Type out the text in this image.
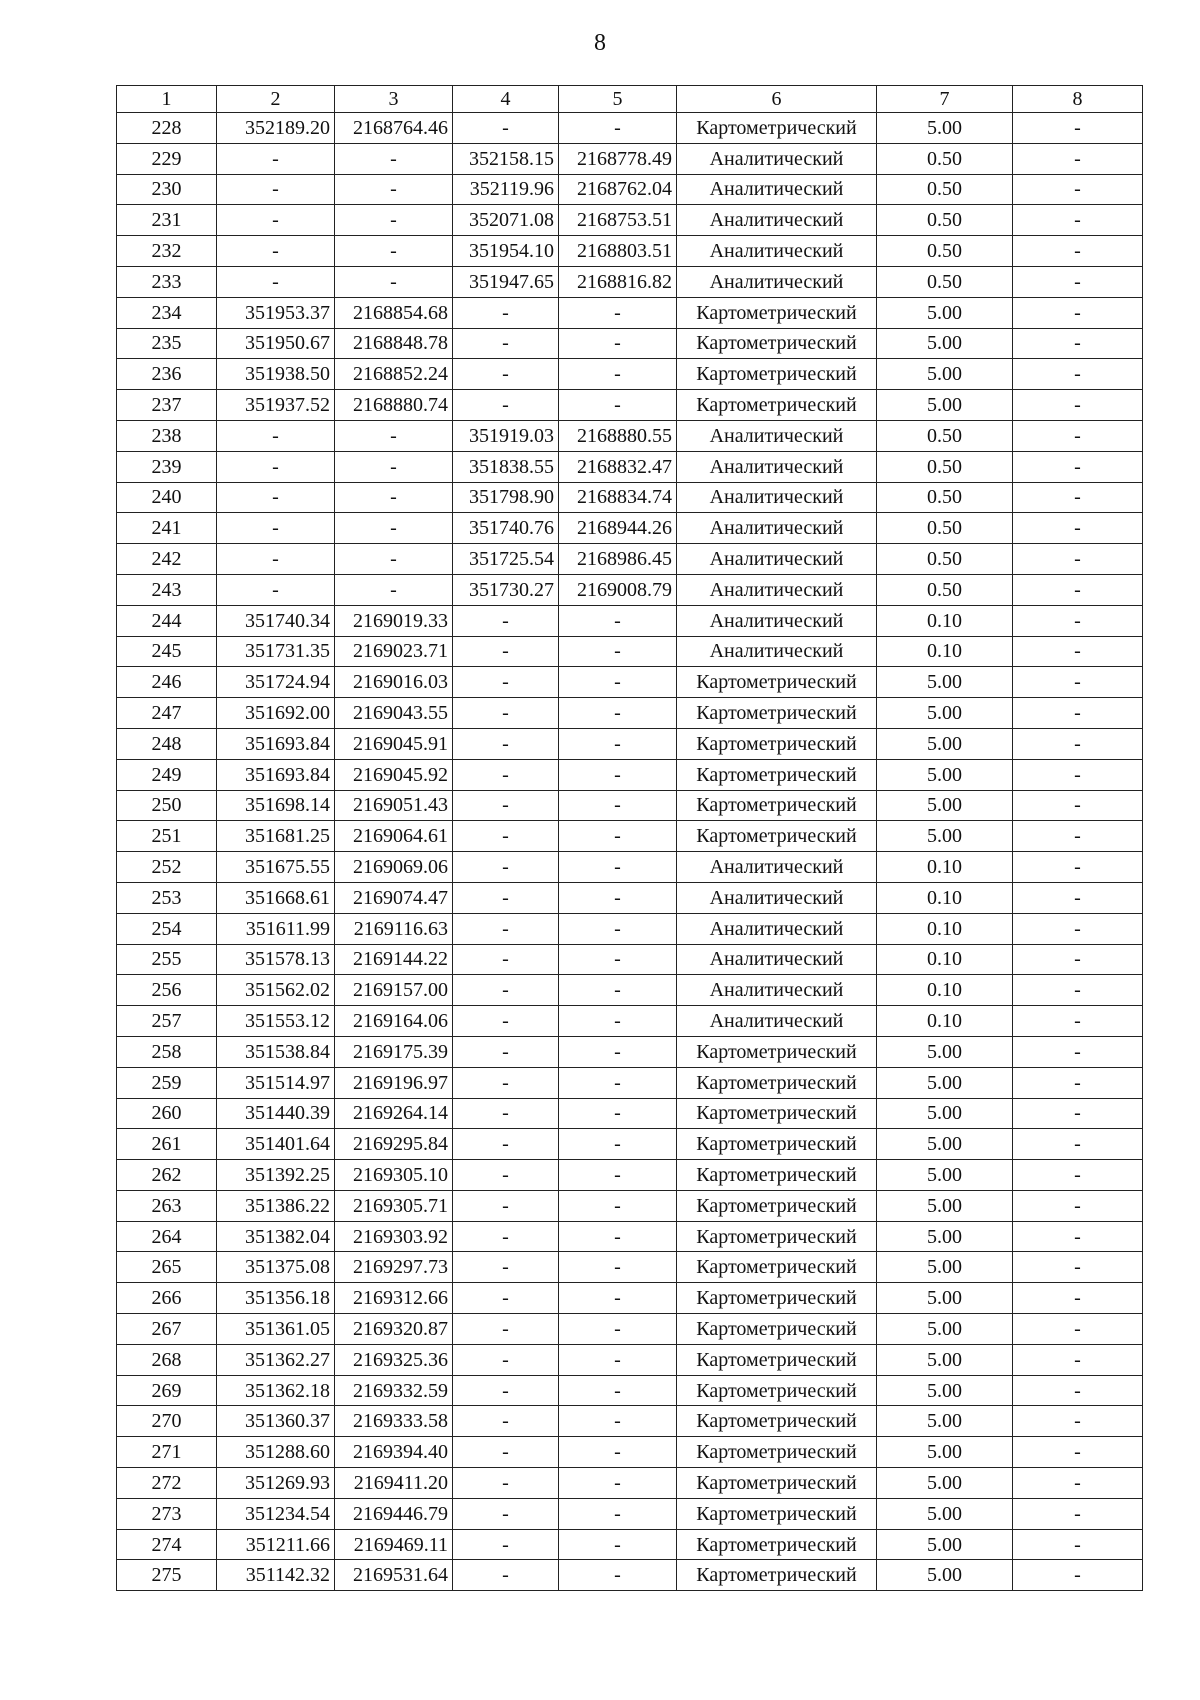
8
1	2	3	4	5	6	7	8
228	352189.20	2168764.46	-	-	Картометрический	5.00	-
229	-	-	352158.15	2168778.49	Аналитический	0.50	-
230	-	-	352119.96	2168762.04	Аналитический	0.50	-
231	-	-	352071.08	2168753.51	Аналитический	0.50	-
232	-	-	351954.10	2168803.51	Аналитический	0.50	-
233	-	-	351947.65	2168816.82	Аналитический	0.50	-
234	351953.37	2168854.68	-	-	Картометрический	5.00	-
235	351950.67	2168848.78	-	-	Картометрический	5.00	-
236	351938.50	2168852.24	-	-	Картометрический	5.00	-
237	351937.52	2168880.74	-	-	Картометрический	5.00	-
238	-	-	351919.03	2168880.55	Аналитический	0.50	-
239	-	-	351838.55	2168832.47	Аналитический	0.50	-
240	-	-	351798.90	2168834.74	Аналитический	0.50	-
241	-	-	351740.76	2168944.26	Аналитический	0.50	-
242	-	-	351725.54	2168986.45	Аналитический	0.50	-
243	-	-	351730.27	2169008.79	Аналитический	0.50	-
244	351740.34	2169019.33	-	-	Аналитический	0.10	-
245	351731.35	2169023.71	-	-	Аналитический	0.10	-
246	351724.94	2169016.03	-	-	Картометрический	5.00	-
247	351692.00	2169043.55	-	-	Картометрический	5.00	-
248	351693.84	2169045.91	-	-	Картометрический	5.00	-
249	351693.84	2169045.92	-	-	Картометрический	5.00	-
250	351698.14	2169051.43	-	-	Картометрический	5.00	-
251	351681.25	2169064.61	-	-	Картометрический	5.00	-
252	351675.55	2169069.06	-	-	Аналитический	0.10	-
253	351668.61	2169074.47	-	-	Аналитический	0.10	-
254	351611.99	2169116.63	-	-	Аналитический	0.10	-
255	351578.13	2169144.22	-	-	Аналитический	0.10	-
256	351562.02	2169157.00	-	-	Аналитический	0.10	-
257	351553.12	2169164.06	-	-	Аналитический	0.10	-
258	351538.84	2169175.39	-	-	Картометрический	5.00	-
259	351514.97	2169196.97	-	-	Картометрический	5.00	-
260	351440.39	2169264.14	-	-	Картометрический	5.00	-
261	351401.64	2169295.84	-	-	Картометрический	5.00	-
262	351392.25	2169305.10	-	-	Картометрический	5.00	-
263	351386.22	2169305.71	-	-	Картометрический	5.00	-
264	351382.04	2169303.92	-	-	Картометрический	5.00	-
265	351375.08	2169297.73	-	-	Картометрический	5.00	-
266	351356.18	2169312.66	-	-	Картометрический	5.00	-
267	351361.05	2169320.87	-	-	Картометрический	5.00	-
268	351362.27	2169325.36	-	-	Картометрический	5.00	-
269	351362.18	2169332.59	-	-	Картометрический	5.00	-
270	351360.37	2169333.58	-	-	Картометрический	5.00	-
271	351288.60	2169394.40	-	-	Картометрический	5.00	-
272	351269.93	2169411.20	-	-	Картометрический	5.00	-
273	351234.54	2169446.79	-	-	Картометрический	5.00	-
274	351211.66	2169469.11	-	-	Картометрический	5.00	-
275	351142.32	2169531.64	-	-	Картометрический	5.00	-
